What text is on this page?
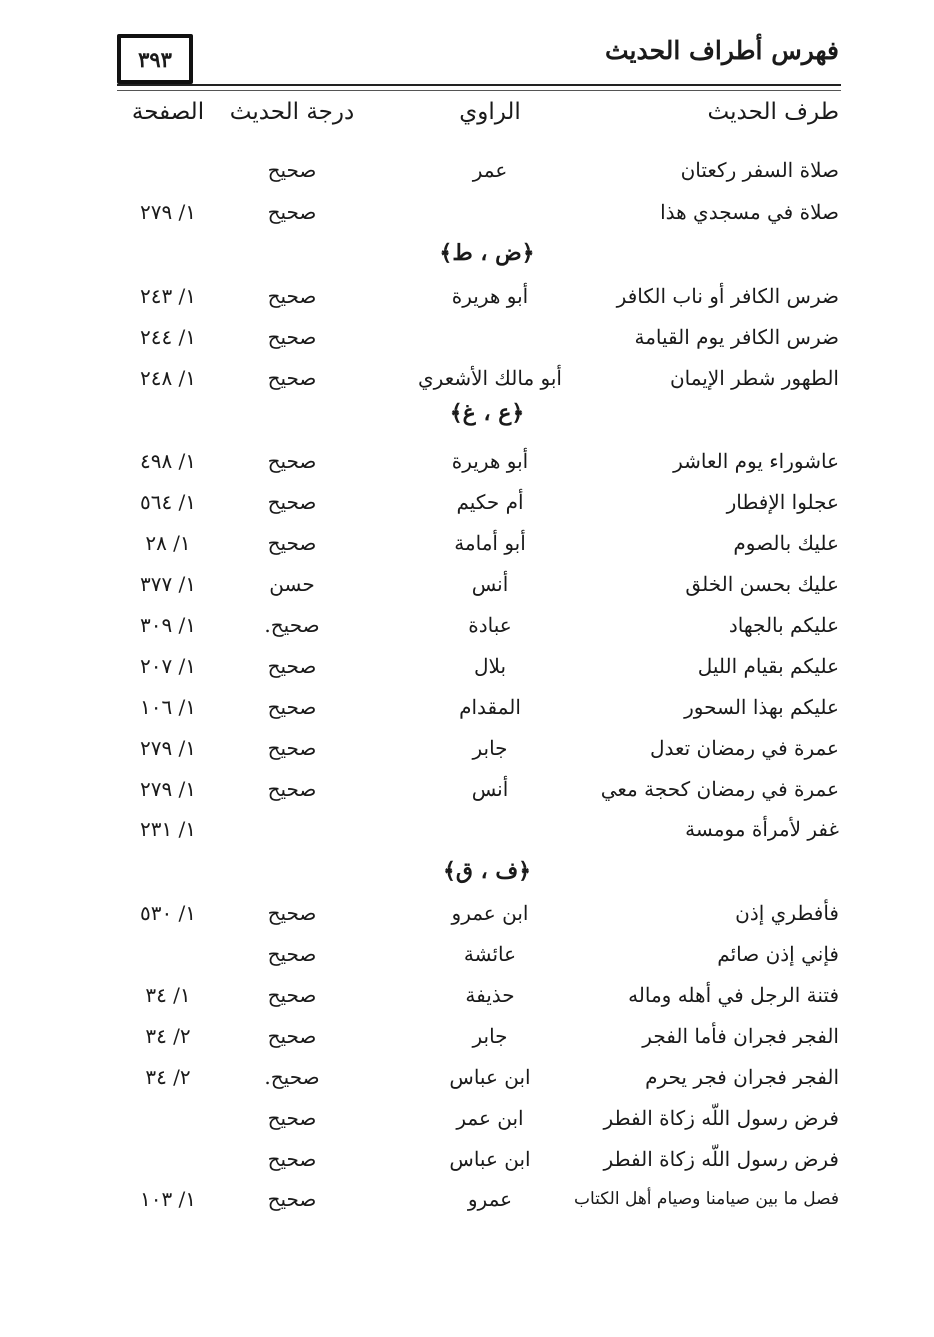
فهرس أطراف الحديث
٣٩٣
طرف الحديث
الراوي
درجة الحديث
الصفحة
صلاة السفر ركعتان
عمر
صحيح
صلاة في مسجدي هذا
صحيح
١/ ٢٧٩
﴿ض ، ط﴾
ضرس الكافر أو ناب الكافر
أبو هريرة
صحيح
١/ ٢٤٣
ضرس الكافر يوم القيامة
صحيح
١/ ٢٤٤
الطهور شطر الإيمان
أبو مالك الأشعري
صحيح
١/ ٢٤٨
﴿ع ، غ﴾
عاشوراء يوم العاشر
أبو هريرة
صحيح
١/ ٤٩٨
عجلوا الإفطار
أم حكيم
صحيح
١/ ٥٦٤
عليك بالصوم
أبو أمامة
صحيح
١/ ٢٨
عليك بحسن الخلق
أنس
حسن
١/ ٣٧٧
عليكم بالجهاد
عبادة
صحيح.
١/ ٣٠٩
عليكم بقيام الليل
بلال
صحيح
١/ ٢٠٧
عليكم بهذا السحور
المقدام
صحيح
١/ ١٠٦
عمرة في رمضان تعدل
جابر
صحيح
١/ ٢٧٩
عمرة في رمضان كحجة معي
أنس
صحيح
١/ ٢٧٩
غفر لأمرأة مومسة
١/ ٢٣١
﴿ف ، ق﴾
فأفطري إذن
ابن عمرو
صحيح
١/ ٥٣٠
فإني إذن صائم
عائشة
صحيح
فتنة الرجل في أهله وماله
حذيفة
صحيح
١/ ٣٤
الفجر فجران فأما الفجر
جابر
صحيح
٢/ ٣٤
الفجر فجران فجر يحرم
ابن عباس
صحيح.
٢/ ٣٤
فرض رسول اللّه زكاة الفطر
ابن عمر
صحيح
فرض رسول اللّه زكاة الفطر
ابن عباس
صحيح
فصل ما بين صيامنا وصيام أهل الكتاب
عمرو
صحيح
١/ ١٠٣
